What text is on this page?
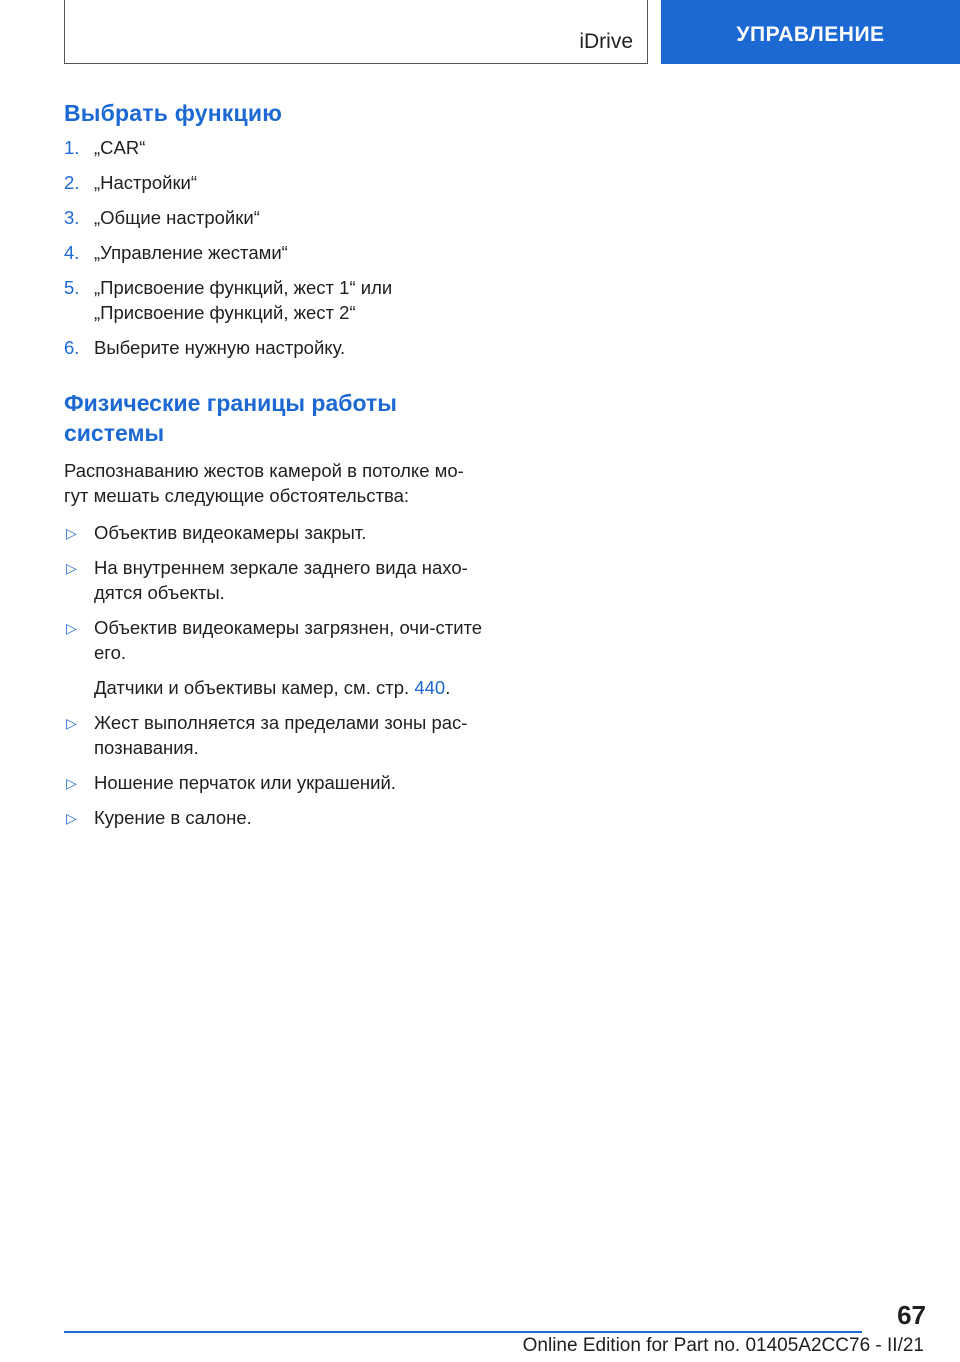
iDrive	УПРАВЛЕНИЕ
Выбрать функцию
1. „CAR“
2. „Настройки“
3. „Общие настройки“
4. „Управление жестами“
5. „Присвоение функций, жест 1“ или „Присвоение функций, жест 2“
6. Выберите нужную настройку.
Физические границы работы системы

Распознаванию жестов камерой в потолке мо-гут мешать следующие обстоятельства:

▷ Объектив видеокамеры закрыт.
▷ На внутреннем зеркале заднего вида нахо-дятся объекты.
▷ Объектив видеокамеры загрязнен, очи-стите его.
Датчики и объективы камер, см. стр. 440.
▷ Жест выполняется за пределами зоны рас-познавания.
▷ Ношение перчаток или украшений.
▷ Курение в салоне.
67
Online Edition for Part no. 01405A2CC76 - II/21
